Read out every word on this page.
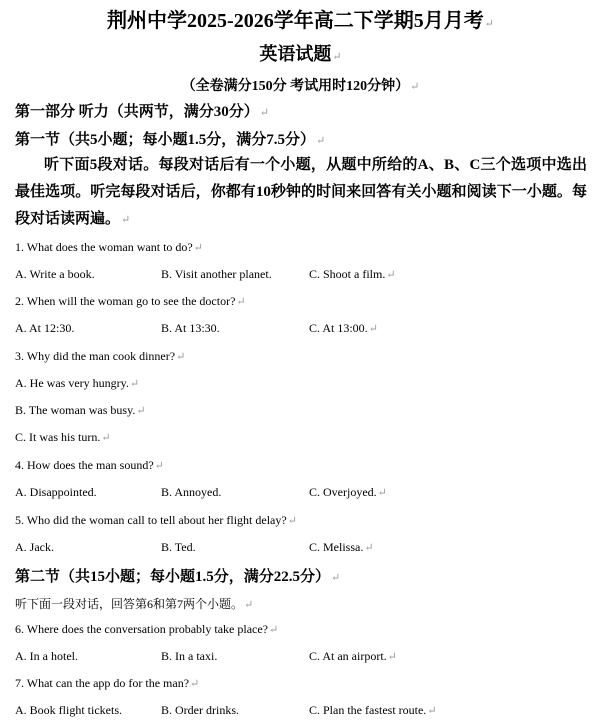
荆州中学2025-2026学年高二下学期5月月考↵
英语试题↵
（全卷满分150分 考试用时120分钟）↵
第一部分 听力（共两节，满分30分）↵
第一节（共5小题；每小题1.5分，满分7.5分）↵
听下面5段对话。每段对话后有一个小题，从题中所给的A、B、C三个选项中选出最佳选项。听完每段对话后，你都有10秒钟的时间来回答有关小题和阅读下一小题。每段对话读两遍。↵
1. What does the woman want to do?↵
A. Write a book.	B. Visit another planet.	C. Shoot a film.↵
2. When will the woman go to see the doctor?↵
A. At 12:30.	B. At 13:30.	C. At 13:00.↵
3. Why did the man cook dinner?↵
A. He was very hungry.↵
B. The woman was busy.↵
C. It was his turn.↵
4. How does the man sound?↵
A. Disappointed.	B. Annoyed.	C. Overjoyed.↵
5. Who did the woman call to tell about her flight delay?↵
A. Jack.	B. Ted.	C. Melissa.↵
第二节（共15小题；每小题1.5分，满分22.5分）↵
听下面一段对话，回答第6和第7两个小题。↵
6. Where does the conversation probably take place?↵
A. In a hotel.	B. In a taxi.	C. At an airport.↵
7. What can the app do for the man?↵
A. Book flight tickets.	B. Order drinks.	C. Plan the fastest route.↵
